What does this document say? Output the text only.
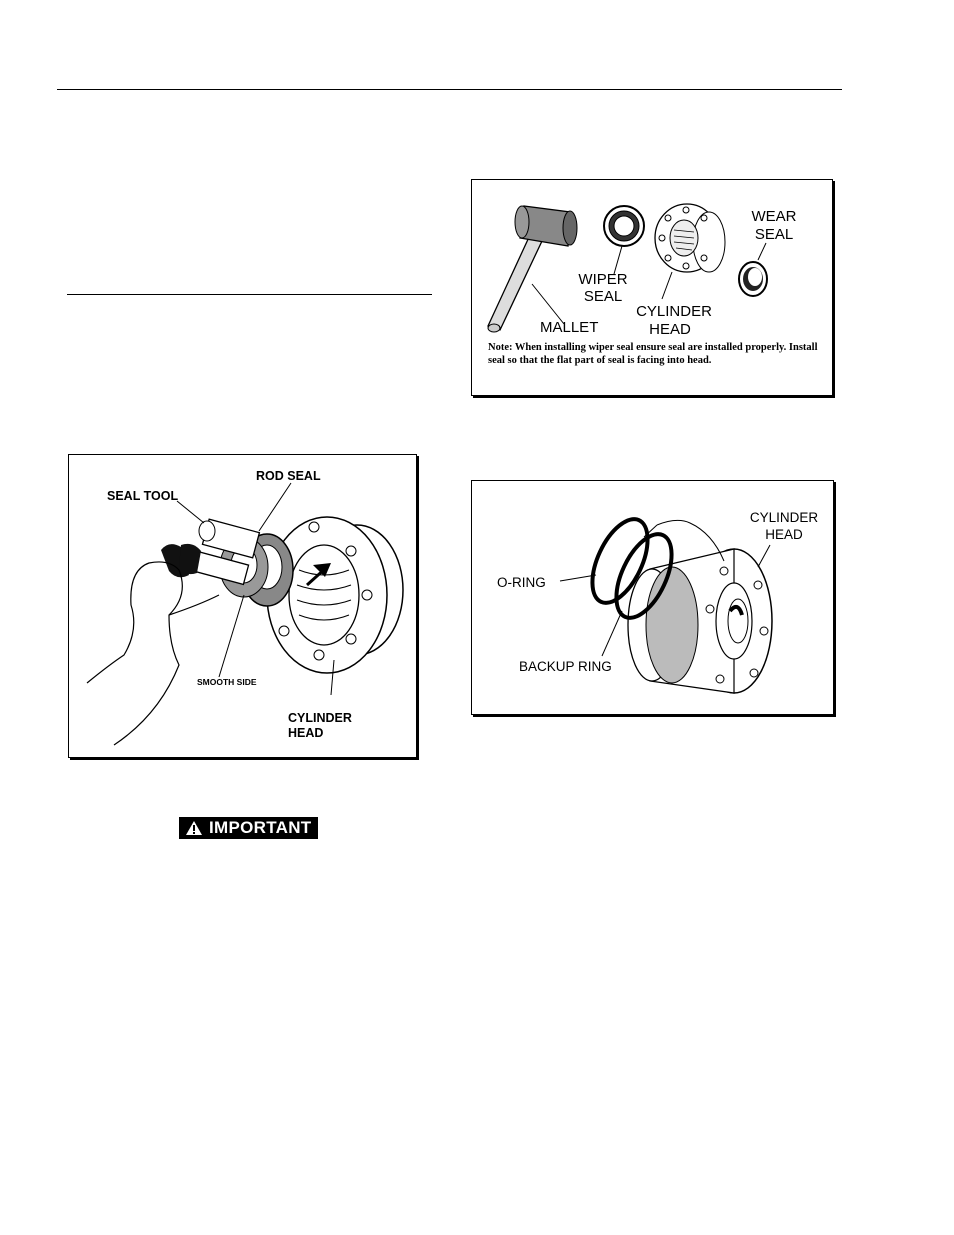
WIPER
SEAL
CYLINDER
HEAD
WEAR
SEAL
MALLET
Note: When installing wiper seal ensure seal are installed properly. Install seal so that the flat part of seal is facing into head.
SEAL TOOL
ROD SEAL
SMOOTH SIDE
CYLINDER
HEAD
O-RING
BACKUP RING
CYLINDER
HEAD
IMPORTANT
